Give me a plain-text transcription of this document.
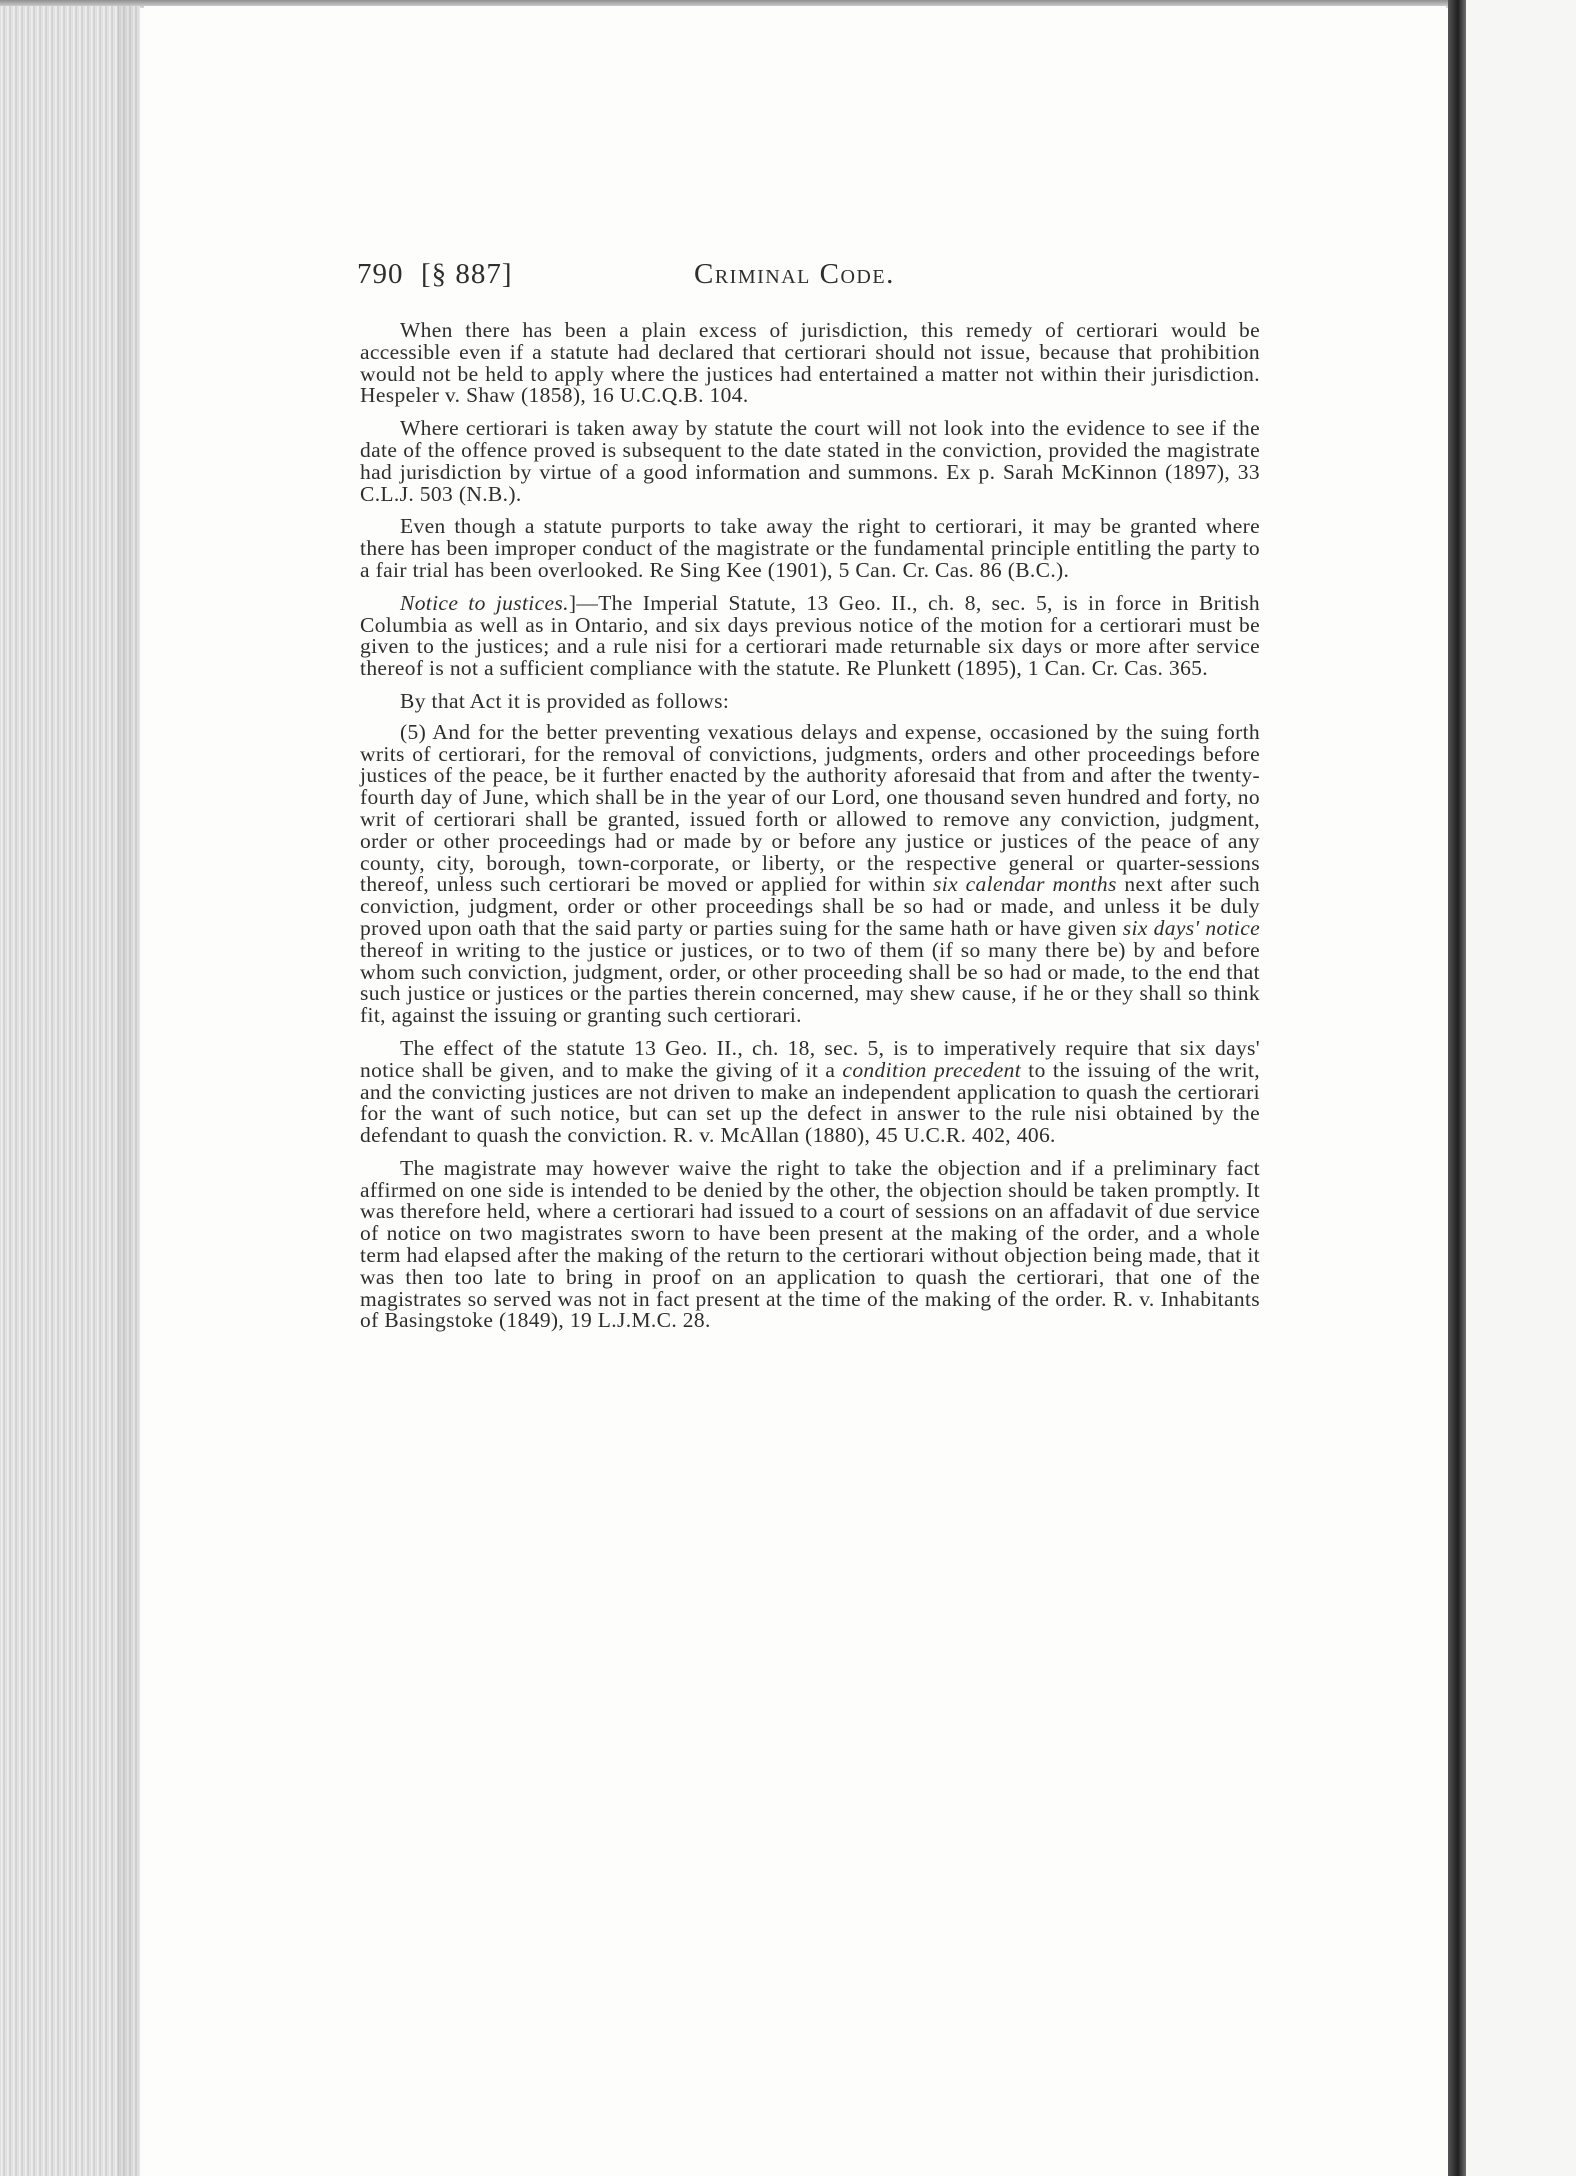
790 [§ 887]	Criminal Code.

When there has been a plain excess of jurisdiction, this remedy of certiorari would be accessible even if a statute had declared that certiorari should not issue, because that prohibition would not be held to apply where the justices had entertained a matter not within their jurisdiction. Hespeler v. Shaw (1858), 16 U.C.Q.B. 104.

Where certiorari is taken away by statute the court will not look into the evidence to see if the date of the offence proved is subsequent to the date stated in the conviction, provided the magistrate had jurisdiction by virtue of a good information and summons. Ex p. Sarah McKinnon (1897), 33 C.L.J. 503 (N.B.).

Even though a statute purports to take away the right to certiorari, it may be granted where there has been improper conduct of the magistrate or the fundamental principle entitling the party to a fair trial has been overlooked. Re Sing Kee (1901), 5 Can. Cr. Cas. 86 (B.C.).

Notice to justices.]—The Imperial Statute, 13 Geo. II., ch. 8, sec. 5, is in force in British Columbia as well as in Ontario, and six days previous notice of the motion for a certiorari must be given to the justices; and a rule nisi for a certiorari made returnable six days or more after service thereof is not a sufficient compliance with the statute. Re Plunkett (1895), 1 Can. Cr. Cas. 365.

By that Act it is provided as follows:

(5) And for the better preventing vexatious delays and expense, occasioned by the suing forth writs of certiorari, for the removal of convictions, judgments, orders and other proceedings before justices of the peace, be it further enacted by the authority aforesaid that from and after the twenty-fourth day of June, which shall be in the year of our Lord, one thousand seven hundred and forty, no writ of certiorari shall be granted, issued forth or allowed to remove any conviction, judgment, order or other proceedings had or made by or before any justice or justices of the peace of any county, city, borough, town-corporate, or liberty, or the respective general or quarter-sessions thereof, unless such certiorari be moved or applied for within six calendar months next after such conviction, judgment, order or other proceedings shall be so had or made, and unless it be duly proved upon oath that the said party or parties suing for the same hath or have given six days' notice thereof in writing to the justice or justices, or to two of them (if so many there be) by and before whom such conviction, judgment, order, or other proceeding shall be so had or made, to the end that such justice or justices or the parties therein concerned, may shew cause, if he or they shall so think fit, against the issuing or granting such certiorari.

The effect of the statute 13 Geo. II., ch. 18, sec. 5, is to imperatively require that six days' notice shall be given, and to make the giving of it a condition precedent to the issuing of the writ, and the convicting justices are not driven to make an independent application to quash the certiorari for the want of such notice, but can set up the defect in answer to the rule nisi obtained by the defendant to quash the conviction. R. v. McAllan (1880), 45 U.C.R. 402, 406.

The magistrate may however waive the right to take the objection and if a preliminary fact affirmed on one side is intended to be denied by the other, the objection should be taken promptly. It was therefore held, where a certiorari had issued to a court of sessions on an affadavit of due service of notice on two magistrates sworn to have been present at the making of the order, and a whole term had elapsed after the making of the return to the certiorari without objection being made, that it was then too late to bring in proof on an application to quash the certiorari, that one of the magistrates so served was not in fact present at the time of the making of the order. R. v. Inhabitants of Basingstoke (1849), 19 L.J.M.C. 28.
